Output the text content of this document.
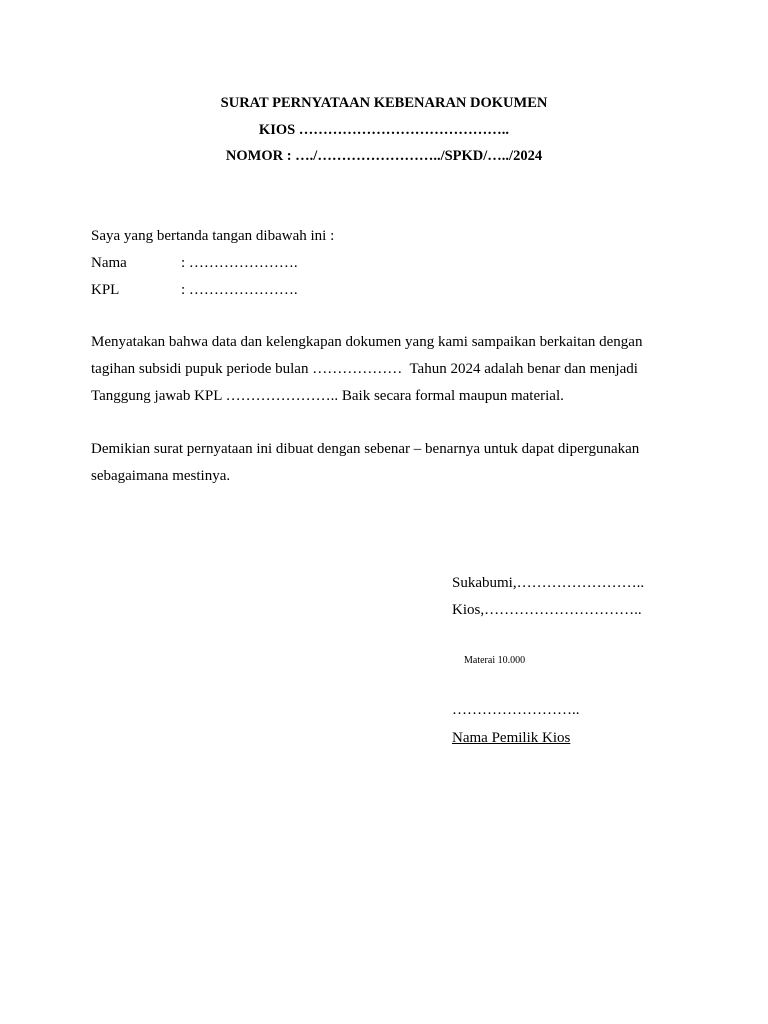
SURAT PERNYATAAN KEBENARAN DOKUMEN
KIOS ……………………………………..
NOMOR : …./……………………../SPKD/…../2024
Saya yang bertanda tangan dibawah ini :
Nama	: ………………….
KPL	: ………………….
Menyatakan bahwa data dan kelengkapan dokumen yang kami sampaikan berkaitan dengan
tagihan subsidi pupuk periode bulan ………………  Tahun 2024 adalah benar dan menjadi
Tanggung jawab KPL ………………….. Baik secara formal maupun material.
Demikian surat pernyataan ini dibuat dengan sebenar – benarnya untuk dapat dipergunakan
sebagaimana mestinya.
Sukabumi,……………………..
Kios,…………………………..
Materai 10.000
……………………..
Nama Pemilik Kios
